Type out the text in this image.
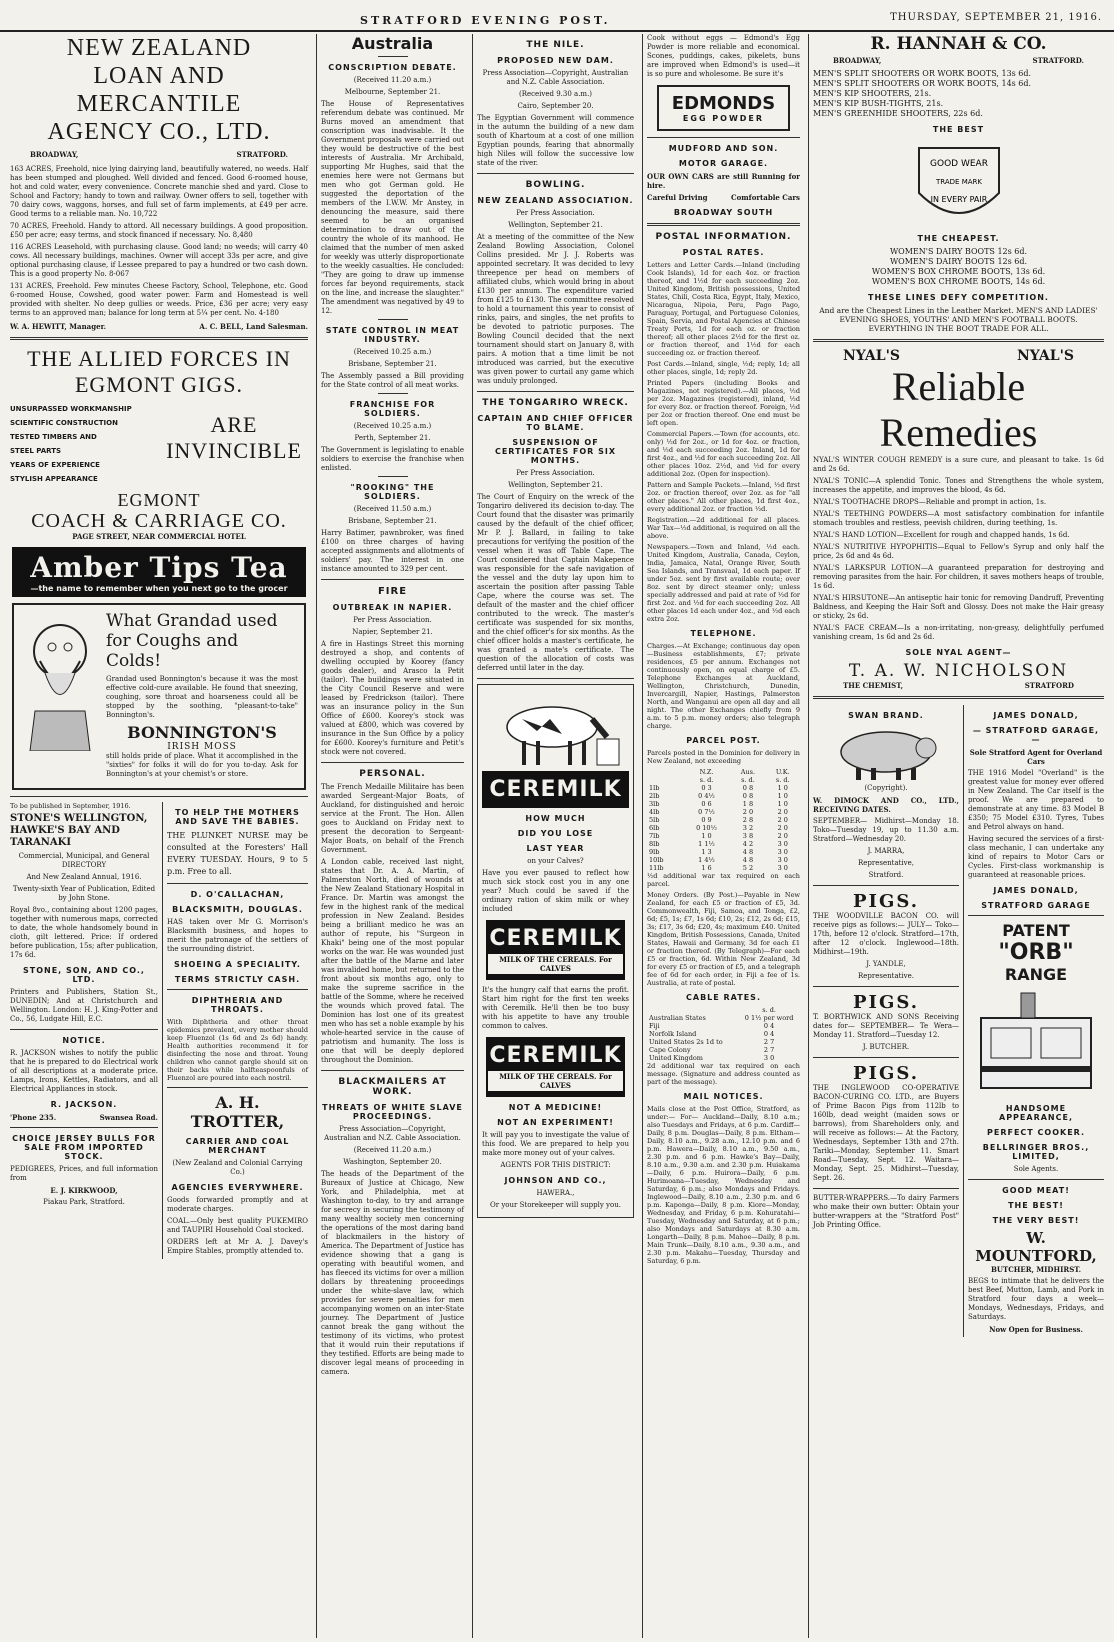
STRATFORD EVENING POST.	THURSDAY, SEPTEMBER 21, 1916.
NEW ZEALAND
LOAN AND MERCANTILE
AGENCY CO., LTD.
BROADWAY,	STRATFORD.

163 ACRES, Freehold, nice lying dairying land, beautifully watered, no weeds. Half has been stumped and ploughed. Well divided and fenced. Good 6-roomed house, hot and cold water, every convenience. Concrete manchie shed and yard. Close to School and Factory; handy to town and railway. Owner offers to sell, together with 70 dairy cows, waggons, horses, and full set of farm implements, at £49 per acre. Good terms to a reliable man. No. 10,722

70 ACRES, Freehold. Handy to attord. All necessary buildings. A good proposition. £50 per acre; easy terms, and stock financed if necessary. No. 8,480

116 ACRES Leasehold, with purchasing clause. Good land; no weeds; will carry 40 cows. All necessary buildings, machines. Owner will accept 33s per acre, and give optional purchasing clause, if Lessee prepared to pay a hundred or two cash down. This is a good property No. 8-067

131 ACRES, Freehold. Few minutes Cheese Factory, School, Telephone, etc. Good 6-roomed House, Cowshed, good water power. Farm and Homestead is well provided with shelter. No deep gullies or weeds. Price, £36 per acre; very easy terms to an approved man; balance for long term at 5¼ per cent. No. 4-180

W. A. HEWITT, Manager.	A. C. BELL, Land Salesman.
THE ALLIED FORCES IN
EGMONT GIGS.
UNSURPASSED WORKMANSHIP
SCIENTIFIC CONSTRUCTION
TESTED TIMBERS AND
STEEL PARTS
YEARS OF EXPERIENCE
STYLISH APPEARANCE
ARE
INVINCIBLE
EGMONT
COACH & CARRIAGE CO.
PAGE STREET, NEAR COMMERCIAL HOTEL
Amber Tips Tea
—the name to remember when you next go to the grocer
What Grandad used
for Coughs and Colds!

Grandad used Bonnington's because it was the most effective cold-cure available. He found that sneezing, coughing, sore throat and hoarseness could all be stopped by the soothing, "pleasant-to-take" Bonnington's.

BONNINGTON'S
IRISH MOSS

still holds pride of place. What it accomplished in the "sixties" for folks it will do for you to-day. Ask for Bonnington's at your chemist's or store.

To be published in September, 1916.

STONE'S WELLINGTON, HAWKE'S BAY AND TARANAKI

Commercial, Municipal, and General DIRECTORY

And New Zealand Annual, 1916.

Twenty-sixth Year of Publication, Edited by John Stone.

Royal 8vo., containing about 1200 pages, together with numerous maps, corrected to date, the whole handsomely bound in cloth, gilt lettered. Price: If ordered before publication, 15s; after publication, 17s 6d.

STONE, SON, AND CO., LTD.

Printers and Publishers, Station St., DUNEDIN; And at Christchurch and Wellington. London: H. J. King-Potter and Co., 56, Ludgate Hill, E.C.

NOTICE.

R. JACKSON wishes to notify the public that he is prepared to do Electrical work of all descriptions at a moderate price. Lamps, Irons, Kettles, Radiators, and all Electrical Appliances in stock.

R. JACKSON.
'Phone 235.	Swansea Road.
CHOICE JERSEY BULLS FOR SALE FROM IMPORTED STOCK.

PEDIGREES, Prices, and full information from

E. J. KIRKWOOD,

Piakau Park, Stratford.

TO HELP THE MOTHERS AND SAVE THE BABIES.

THE PLUNKET NURSE may be consulted at the Foresters' Hall EVERY TUESDAY. Hours, 9 to 5 p.m. Free to all.

D. O'CALLACHAN,
BLACKSMITH, DOUGLAS.

HAS taken over Mr G. Morrison's Blacksmith business, and hopes to merit the patronage of the settlers of the surrounding district.

SHOEING A SPECIALITY.
TERMS STRICTLY CASH.
DIPHTHERIA AND THROATS.

With Diphtheria and other throat epidemics prevalent, every mother should keep Fluenzol (1s 6d and 2s 6d) handy. Health authorities recommend it for disinfecting the nose and throat. Young children who cannot gargle should sit on their backs while halfteaspoonfuls of Fluenzol are poured into each nostril.

A. H. TROTTER,
CARRIER AND COAL MERCHANT

(New Zealand and Colonial Carrying Co.)

AGENCIES EVERYWHERE.

Goods forwarded promptly and at moderate charges.

COAL.—Only best quality PUKEMIRO and TAUPIRI Household Coal stocked.

ORDERS left at Mr A. J. Davey's Empire Stables, promptly attended to.

Australia
CONSCRIPTION DEBATE.

(Received 11.20 a.m.)

Melbourne, September 21.

The House of Representatives referendum debate was continued. Mr Burns moved an amendment that conscription was inadvisable. It the Government proposals were carried out they would be destructive of the best interests of Australia. Mr Archibald, supporting Mr Hughes, said that the enemies here were not Germans but men who got German gold. He suggested the deportation of the members of the I.W.W. Mr Anstey, in denouncing the measure, said there seemed to be an organised determination to draw out of the country the whole of its manhood. He claimed that the number of men asked for weekly was utterly disproportionate to the weekly casualties. He concluded: "They are going to draw up immense forces far beyond requirements, stack on the line, and increase the slaughter." The amendment was negatived by 49 to 12.

STATE CONTROL IN MEAT INDUSTRY.

(Received 10.25 a.m.)

Brisbane, September 21.

The Assembly passed a Bill providing for the State control of all meat works.

FRANCHISE FOR SOLDIERS.

(Received 10.25 a.m.)

Perth, September 21.

The Government is legislating to enable soldiers to exercise the franchise when enlisted.

"ROOKING" THE SOLDIERS.

(Received 11.50 a.m.)

Brisbane, September 21.

Harry Batimer, pawnbroker, was fined £100 on three charges of having accepted assignments and allotments of soldiers' pay. The interest in one instance amounted to 329 per cent.

FIRE
OUTBREAK IN NAPIER.

Per Press Association.

Napier, September 21.

A fire in Hastings Street this morning destroyed a shop, and contents of dwelling occupied by Koorey (fancy goods dealer), and Arasco la Petit (tailor). The buildings were situated in the City Council Reserve and were leased by Fredrickson (tailor). There was an insurance policy in the Sun Office of £600. Koorey's stock was valued at £800, which was covered by insurance in the Sun Office by a policy for £600. Koorey's furniture and Petit's stock were not covered.

PERSONAL.

The French Medaille Militaire has been awarded Sergeant-Major Boats, of Auckland, for distinguished and heroic service at the Front. The Hon. Allen goes to Auckland on Friday next to present the decoration to Sergeant-Major Boats, on behalf of the French Government.

A London cable, received last night, states that Dr. A. A. Martin, of Palmerston North, died of wounds at the New Zealand Stationary Hospital in France. Dr. Martin was amongst the few in the highest rank of the medical profession in New Zealand. Besides being a brilliant medico he was an author of repute, his "Surgeon in Khaki" being one of the most popular works on the war. He was wounded just after the battle of the Marne and later was invalided home, but returned to the front about six months ago, only to make the supreme sacrifice in the battle of the Somme, where he received the wounds which proved fatal. The Dominion has lost one of its greatest men who has set a noble example by his whole-hearted service in the cause of patriotism and humanity. The loss is one that will be deeply deplored throughout the Dominion.

BLACKMAILERS AT WORK.
THREATS OF WHITE SLAVE PROCEEDINGS.

Press Association—Copyright, Australian and N.Z. Cable Association.

(Received 11.20 a.m.)

Washington, September 20.

The heads of the Department of the Bureaux of Justice at Chicago, New York, and Philadelphia, met at Washington to-day, to try and arrange for secrecy in securing the testimony of many wealthy society men concerning the operations of the most daring band of blackmailers in the history of America. The Department of Justice has evidence showing that a gang is operating with beautiful women, and has fleeced its victims for over a million dollars by threatening proceedings under the white-slave law, which provides for severe penalties for men accompanying women on an inter-State journey. The Department of Justice cannot break the gang without the testimony of its victims, who protest that it would ruin their reputations if they testified. Efforts are being made to discover legal means of proceeding in camera.

THE NILE.
PROPOSED NEW DAM.

Press Association—Copyright, Australian and N.Z. Cable Association.

(Received 9.30 a.m.)

Cairo, September 20.

The Egyptian Government will commence in the autumn the building of a new dam south of Khartoum at a cost of one million Egyptian pounds, fearing that abnormally high Niles will follow the successive low state of the river.

BOWLING.
NEW ZEALAND ASSOCIATION.

Per Press Association.

Wellington, September 21.

At a meeting of the committee of the New Zealand Bowling Association, Colonel Collins presided. Mr J. J. Roberts was appointed secretary. It was decided to levy threepence per head on members of affiliated clubs, which would bring in about £130 per annum. The expenditure varied from £125 to £130. The committee resolved to hold a tournament this year to consist of rinks, pairs, and singles, the net profits to be devoted to patriotic purposes. The Bowling Council decided that the next tournament should start on January 8, with pairs. A motion that a time limit be not introduced was carried, but the executive was given power to curtail any game which was unduly prolonged.

THE TONGARIRO WRECK.
CAPTAIN AND CHIEF OFFICER TO BLAME.
SUSPENSION OF CERTIFICATES FOR SIX MONTHS.

Per Press Association.

Wellington, September 21.

The Court of Enquiry on the wreck of the Tongariro delivered its decision to-day. The Court found that the disaster was primarily caused by the default of the chief officer, Mr P. J. Ballard, in failing to take precautions for verifying the position of the vessel when it was off Table Cape. The Court considered that Captain Makepence was responsible for the safe navigation of the vessel and the duty lay upon him to ascertain the position after passing Table Cape, where the course was set. The default of the master and the chief officer contributed to the wreck. The master's certificate was suspended for six months, and the chief officer's for six months. As the chief officer holds a master's certificate, he was granted a mate's certificate. The question of the allocation of costs was deferred until later in the day.

CEREMILK
HOW MUCH
DID YOU LOSE
LAST YEAR

on your Calves?

Have you ever paused to reflect how much sick stock cost you in any one year? Much could be saved if the ordinary ration of skim milk or whey included

CEREMILK
MILK OF THE CEREALS. For CALVES

It's the hungry calf that earns the profit. Start him right for the first ten weeks with Ceremilk. He'll then be too busy with his appetite to have any trouble common to calves.

CEREMILK
MILK OF THE CEREALS. For CALVES
NOT A MEDICINE!
NOT AN EXPERIMENT!

It will pay you to investigate the value of this food. We are prepared to help you make more money out of your calves.

AGENTS FOR THIS DISTRICT:

JOHNSON AND CO.,

HAWERA.,

Or your Storekeeper will supply you.

Cook without eggs — Edmond's Egg Powder is more reliable and economical. Scones, puddings, cakes, pikelets, buns are improved when Edmond's is used—it is so pure and wholesome. Be sure it's

EDMONDS
EGG POWDER
MUDFORD AND SON.
MOTOR GARAGE.

OUR OWN CARS are still Running for hire.

Careful Driving	Comfortable Cars
BROADWAY SOUTH
POSTAL INFORMATION.
POSTAL RATES.

Letters and Letter Cards.—Inland (including Cook Islands), 1d for each 4oz. or fraction thereof, and 1½d for each succeeding 2oz. United Kingdom, British possessions, United States, Chili, Costa Rica, Egypt, Italy, Mexico, Nicaragua, Nipoia, Peru, Pago Pago, Paraguay, Portugal, and Portuguese Colonies, Spain, Servia, and Postal Agencies at Chinese Treaty Ports, 1d for each oz. or fraction thereof; all other places 2½d for the first oz. or fraction thereof, and 1½d for each succeeding oz. or fraction thereof.

Post Cards.—Inland, single, ½d; reply, 1d; all other places, single, 1d; reply 2d.

Printed Papers (including Books and Magazines, not registered).—All places, ½d per 2oz. Magazines (registered), inland, ½d for every 8oz. or fraction thereof. Foreign, ½d per 2oz or fraction thereof. One end must be left open.

Commercial Papers.—Town (for accounts, etc. only) ½d for 2oz., or 1d for 4oz. or fraction, and ½d each succeeding 2oz. Inland, 1d for first 4oz., and ½d for each succeeding 2oz. All other places 10oz. 2½d, and ½d for every additional 2oz. (Open for inspection).

Pattern and Sample Packets.—Inland, ½d first 2oz. or fraction thereof, over 2oz. as for "all other places." All other places, 1d first 4oz., every additional 2oz. or fraction ½d.

Registration.—2d additional for all places. War Tax—½d additional, is required on all the above.

Newspapers.—Town and Inland, ½d each. United Kingdom, Australia, Canada, Ceylon, India, Jamaica, Natal, Orange River, South Sea Islands, and Transvaal, 1d each paper. If under 5oz. sent by first available route; over 8oz. sent by direct steamer only; unless specially addressed and paid at rate of ½d for first 2oz. and ½d for each succeeding 2oz. All other places 1d each under 4oz., and ½d each extra 2oz.

TELEPHONE.

Charges.—At Exchange; continuous day open—Business establishments, £7; private residences, £5 per annum. Exchanges not continuously open, on equal charge of £5. Telephone Exchanges at Auckland, Wellington, Christchurch, Dunedin, Invercargill, Napier, Hastings, Palmerston North, and Wanganui are open all day and all night. The other Exchanges chiefly from 9 a.m. to 5 p.m. money orders; also telegraph charge.

PARCEL POST.

Parcels posted in the Dominion for delivery in New Zealand, not exceeding

	N.Z.	Aus.	U.K.
	s. d.	s. d.	s. d.
1lb	0 3	0 8	1 0
2lb	0 4½	0 8	1 0
3lb	0 6	1 8	1 0
4lb	0 7½	2 0	2 0
5lb	0 9	2 8	2 0
6lb	0 10½	3 2	2 0
7lb	1 0	3 8	2 0
8lb	1 1½	4 2	3 0
9lb	1 3	4 8	3 0
10lb	1 4½	4 8	3 0
11lb	1 6	5 2	3 0

½d additional war tax required on each parcel.

Money Orders. (By Post.)—Payable in New Zealand, for each £5 or fraction of £5, 3d. Commonwealth, Fiji, Samoa, and Tonga, £2, 6d; £5, 1s; £7, 1s 6d; £10, 2s; £12, 2s 6d; £15, 3s; £17, 3s 6d; £20, 4s; maximum £40. United Kingdom, British Possessions, Canada, United States, Hawaii and Germany, 3d for each £1 or fraction thereof. (By Telegraph)—For each £5 or fraction, 6d. Within New Zealand, 3d for every £5 or fraction of £5, and a telegraph fee of 6d for each order, in Fiji a fee of 1s. Australia, at rate of postal.

CABLE RATES.
	s. d.
Australian States	0 1½ per word
Fiji	0 4
Norfolk Island	0 4
United States 2s 1d to	2 7
Cape Colony	2 7
United Kingdom	3 0

2d additional war tax required on each message. (Signature and address counted as part of the message).

MAIL NOTICES.

Mails close at the Post Office, Stratford, as under:— For— Auckland—Daily, 8.10 a.m.; also Tuesdays and Fridays, at 6 p.m. Cardiff—Daily, 8 p.m. Douglas—Daily, 8 p.m. Eltham—Daily, 8.10 a.m., 9.28 a.m., 12.10 p.m. and 6 p.m. Hawera—Daily, 8.10 a.m., 9.50 a.m., 2.30 p.m. and 6 p.m. Hawke's Bay—Daily, 8.10 a.m., 9.30 a.m. and 2.30 p.m. Huiakama—Daily, 6 p.m. Huirora—Daily, 6 p.m. Hurimoana—Tuesday, Wednesday and Saturday, 6 p.m.; also Mondays and Fridays. Inglewood—Daily, 8.10 a.m., 2.30 p.m. and 6 p.m. Kaponga—Daily, 8 p.m. Kiore—Monday, Wednesday, and Friday, 6 p.m. Kohuratahi—Tuesday, Wednesday and Saturday, at 6 p.m.; also Mondays and Saturdays at 8.30 a.m. Longarth—Daily, 8 p.m. Mahoe—Daily, 8 p.m. Main Trunk—Daily, 8.10 a.m., 9.30 a.m., and 2.30 p.m. Makahu—Tuesday, Thursday and Saturday, 6 p.m.

R. HANNAH & CO.
BROADWAY,	STRATFORD.
MEN'S SPLIT SHOOTERS OR WORK BOOTS, 13s 6d.
MEN'S SPLIT SHOOTERS OR WORK BOOTS, 14s 6d.
MEN'S KIP SHOOTERS, 21s.
MEN'S KIP BUSH-TIGHTS, 21s.
MEN'S GREENHIDE SHOOTERS, 22s 6d.
THE BEST
GOOD WEAR
TRADE MARK
IN EVERY PAIR
THE CHEAPEST.
WOMEN'S DAIRY BOOTS 12s 6d.
WOMEN'S DAIRY BOOTS 12s 6d.
WOMEN'S BOX CHROME BOOTS, 13s 6d.
WOMEN'S BOX CHROME BOOTS, 14s 6d.
THESE LINES DEFY COMPETITION.

And are the Cheapest Lines in the Leather Market. MEN'S AND LADIES' EVENING SHOES, YOUTHS' AND MEN'S FOOTBALL BOOTS. EVERYTHING IN THE BOOT TRADE FOR ALL.

NYAL'S	NYAL'S
Reliable
Remedies

NYAL'S WINTER COUGH REMEDY is a sure cure, and pleasant to take. 1s 6d and 2s 6d.

NYAL'S TONIC—A splendid Tonic. Tones and Strengthens the whole system, increases the appetite, and improves the blood, 4s 6d.

NYAL'S TOOTHACHE DROPS—Reliable and prompt in action, 1s.

NYAL'S TEETHING POWDERS—A most satisfactory combination for infantile stomach troubles and restless, peevish children, during teething, 1s.

NYAL'S HAND LOTION—Excellent for rough and chapped hands, 1s 6d.

NYAL'S NUTRITIVE HYPOPHITIS—Equal to Fellow's Syrup and only half the price, 2s 6d and 4s 6d.

NYAL'S LARKSPUR LOTION—A guaranteed preparation for destroying and removing parasites from the hair. For children, it saves mothers heaps of trouble, 1s 6d.

NYAL'S HIRSUTONE—An antiseptic hair tonic for removing Dandruff, Preventing Baldness, and Keeping the Hair Soft and Glossy. Does not make the Hair greasy or sticky, 2s 6d.

NYAL'S FACE CREAM—Is a non-irritating, non-greasy, delightfully perfumed vanishing cream, 1s 6d and 2s 6d.

SOLE NYAL AGENT—
T. A. W. NICHOLSON
THE CHEMIST,	STRATFORD
SWAN BRAND.

(Copyright).

W. DIMOCK AND CO., LTD., RECEIVING DATES.

SEPTEMBER— Midhirst—Monday 18. Toko—Tuesday 19, up to 11.30 a.m. Stratford—Wednesday 20.

J. MARRA,

Representative,

Stratford.

PIGS.

THE WOODVILLE BACON CO. will receive pigs as follows:— JULY— Toko—17th, before 12 o'clock. Stratford—17th, after 12 o'clock. Inglewood—18th. Midhirst—19th.

J. YANDLE,

Representative.

PIGS.

T. BORTHWICK AND SONS Receiving dates for— SEPTEMBER— Te Wera—Monday 11. Stratford—Tuesday 12.

J. BUTCHER.

PIGS.

THE INGLEWOOD CO-OPERATIVE BACON-CURING CO. LTD., are Buyers of Prime Bacon Pigs from 112lb to 160lb, dead weight (maiden sows or barrows), from Shareholders only, and will receive as follows:— At the Factory, Wednesdays, September 13th and 27th. Tariki—Monday, September 11. Smart Road—Tuesday, Sept. 12. Waitara—Monday, Sept. 25. Midhirst—Tuesday, Sept. 26.

BUTTER-WRAPPERS.—To dairy Farmers who make their own butter: Obtain your butter-wrappers at the "Stratford Post" Job Printing Office.

JAMES DONALD,
— STRATFORD GARAGE, —

Sole Stratford Agent for Overland Cars

THE 1916 Model "Overland" is the greatest value for money ever offered in New Zealand. The Car itself is the proof. We are prepared to demonstrate at any time. 83 Model B £350; 75 Model £310. Tyres, Tubes and Petrol always on hand.

Having secured the services of a first-class mechanic, I can undertake any kind of repairs to Motor Cars or Cycles. First-class workmanship is guaranteed at reasonable prices.

JAMES DONALD,
STRATFORD GARAGE
PATENT
"ORB"
RANGE
HANDSOME APPEARANCE,
PERFECT COOKER.
BELLRINGER BROS., LIMITED,

Sole Agents.

GOOD MEAT!
THE BEST!
THE VERY BEST!
W. MOUNTFORD,

BUTCHER, MIDHIRST.

BEGS to intimate that he delivers the best Beef, Mutton, Lamb, and Pork in Stratford four days a week—Mondays, Wednesdays, Fridays, and Saturdays.

Now Open for Business.
